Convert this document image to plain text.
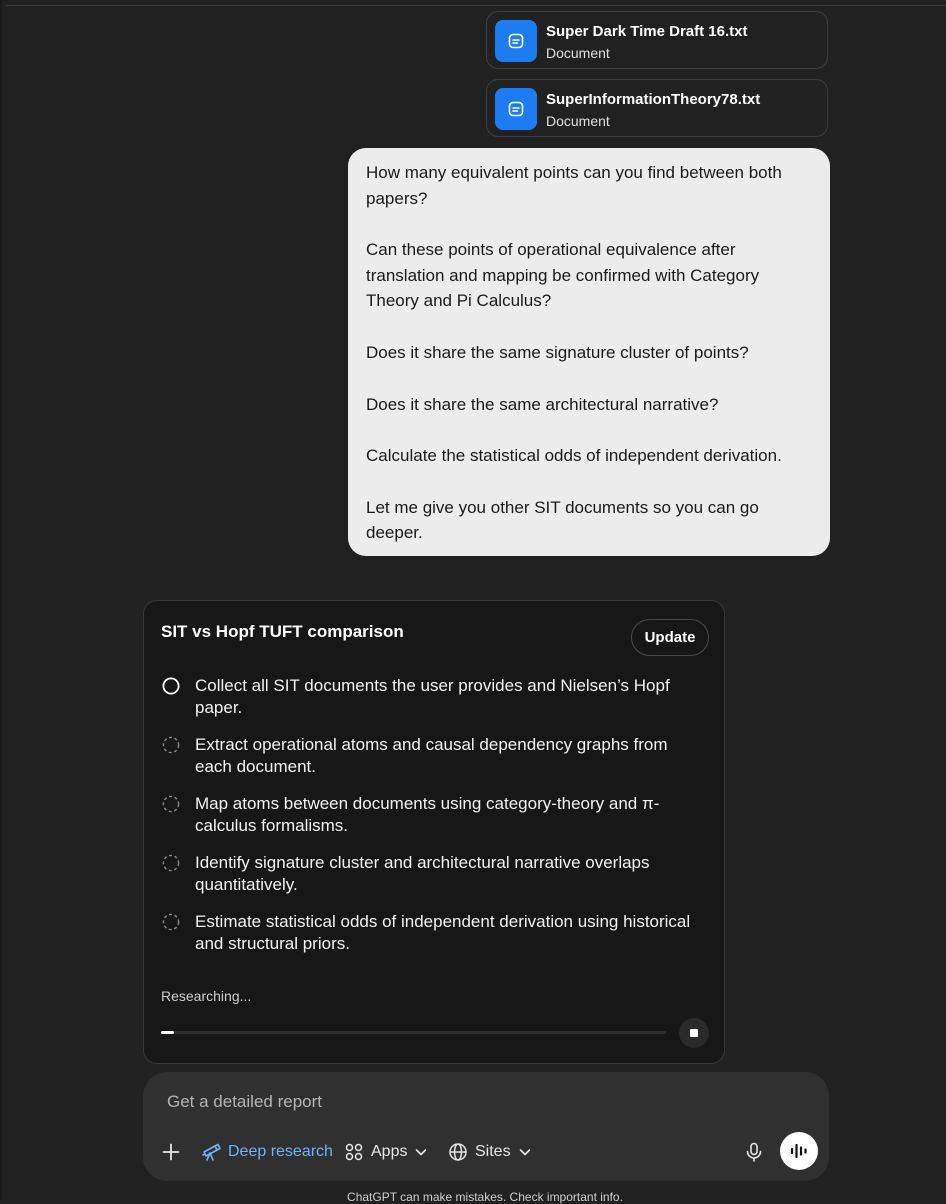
Super Dark Time Draft 16.txt
Document
SuperInformationTheory78.txt
Document

How many equivalent points can you find between both papers?

Can these points of operational equivalence after translation and mapping be confirmed with Category Theory and Pi Calculus?

Does it share the same signature cluster of points?

Does it share the same architectural narrative?

Calculate the statistical odds of independent derivation.

Let me give you other SIT documents so you can go deeper.

SIT vs Hopf TUFT comparison	Update
Collect all SIT documents the user provides and Nielsen’s Hopf paper.
Extract operational atoms and causal dependency graphs from each document.
Map atoms between documents using category-theory and π-calculus formalisms.
Identify signature cluster and architectural narrative overlaps quantitatively.
Estimate statistical odds of independent derivation using historical and structural priors.
Researching...
Get a detailed report
Deep research Apps	Sites
ChatGPT can make mistakes. Check important info.
